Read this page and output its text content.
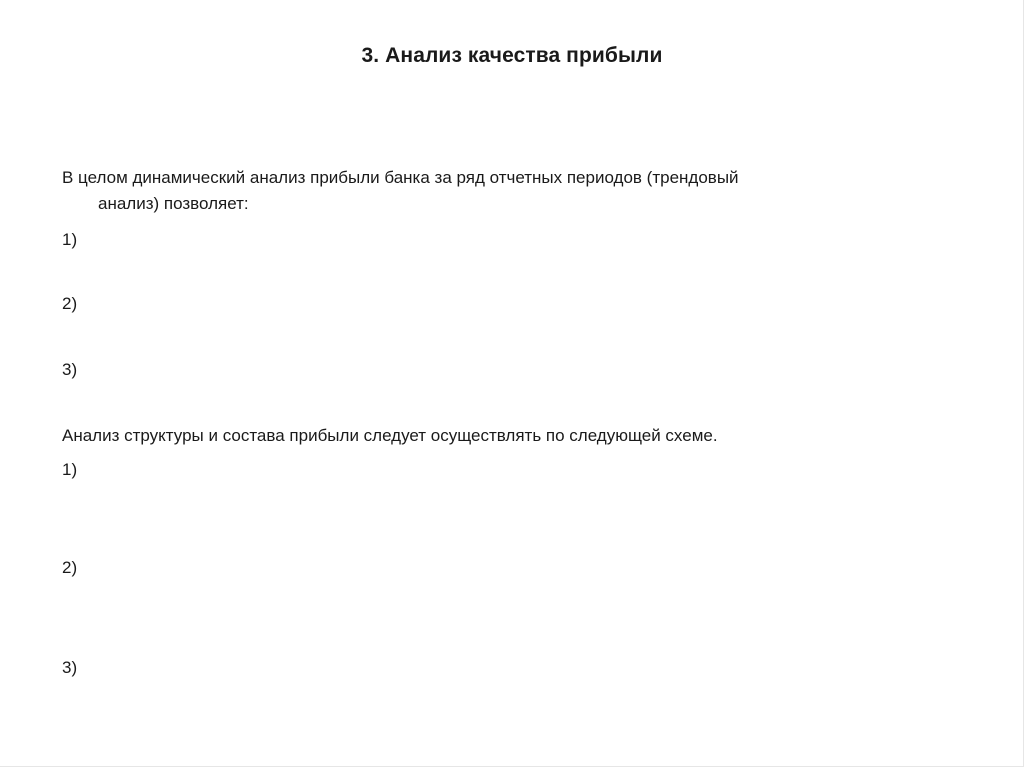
3. Анализ качества прибыли
В целом динамический анализ прибыли банка за ряд отчетных периодов (трендовый
анализ) позволяет:
1)
2)
3)
Анализ структуры и состава прибыли следует осуществлять по следующей схеме.
1)
2)
3)
